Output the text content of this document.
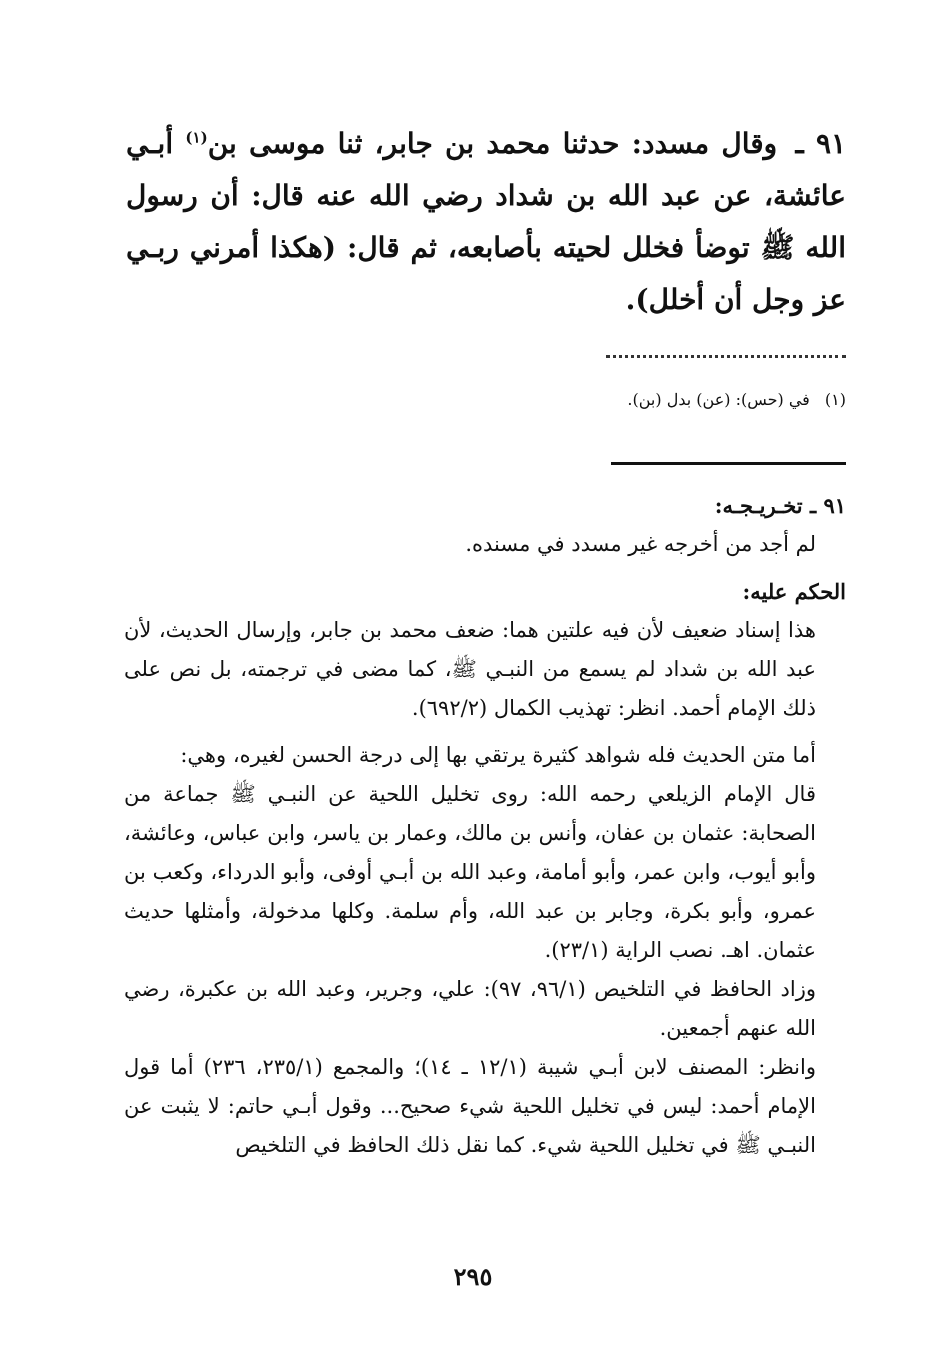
٩١ ـ وقال مسدد: حدثنا محمد بن جابر، ثنا موسى بن$^{(١)}$ أبـي عائشة، عن عبد الله بن شداد رضي الله عنه قال: أن رسول الله ﷺ توضأ فخلل لحيته بأصابعه، ثم قال: (هكذا أمرني ربـي عز وجل أن أخلل).
(١) في (حس): (عن) بدل (بن).

٩١ ـ تخـريـجـه:

لم أجد من أخرجه غير مسدد في مسنده.

الحكم عليه:

هذا إسناد ضعيف لأن فيه علتين هما: ضعف محمد بن جابر، وإرسال الحديث، لأن عبد الله بن شداد لم يسمع من النبـي ﷺ، كما مضى في ترجمته، بل نص على ذلك الإمام أحمد. انظر: تهذيب الكمال (٦٩٢/٢).

أما متن الحديث فله شواهد كثيرة يرتقي بها إلى درجة الحسن لغيره، وهي:

قال الإمام الزيلعي رحمه الله: روى تخليل اللحية عن النبـي ﷺ جماعة من الصحابة: عثمان بن عفان، وأنس بن مالك، وعمار بن ياسر، وابن عباس، وعائشة، وأبو أيوب، وابن عمر، وأبو أمامة، وعبد الله بن أبـي أوفى، وأبو الدرداء، وكعب بن عمرو، وأبو بكرة، وجابر بن عبد الله، وأم سلمة. وكلها مدخولة، وأمثلها حديث عثمان. اهـ. نصب الراية (٢٣/١).

وزاد الحافظ في التلخيص (٩٦/١، ٩٧): علي، وجرير، وعبد الله بن عكبرة، رضي الله عنهم أجمعين.

وانظر: المصنف لابن أبـي شيبة (١٢/١ ـ ١٤)؛ والمجمع (٢٣٥/١، ٢٣٦) أما قول الإمام أحمد: ليس في تخليل اللحية شيء صحيح... وقول أبـي حاتم: لا يثبت عن النبـي ﷺ في تخليل اللحية شيء. كما نقل ذلك الحافظ في التلخيص

٢٩٥
